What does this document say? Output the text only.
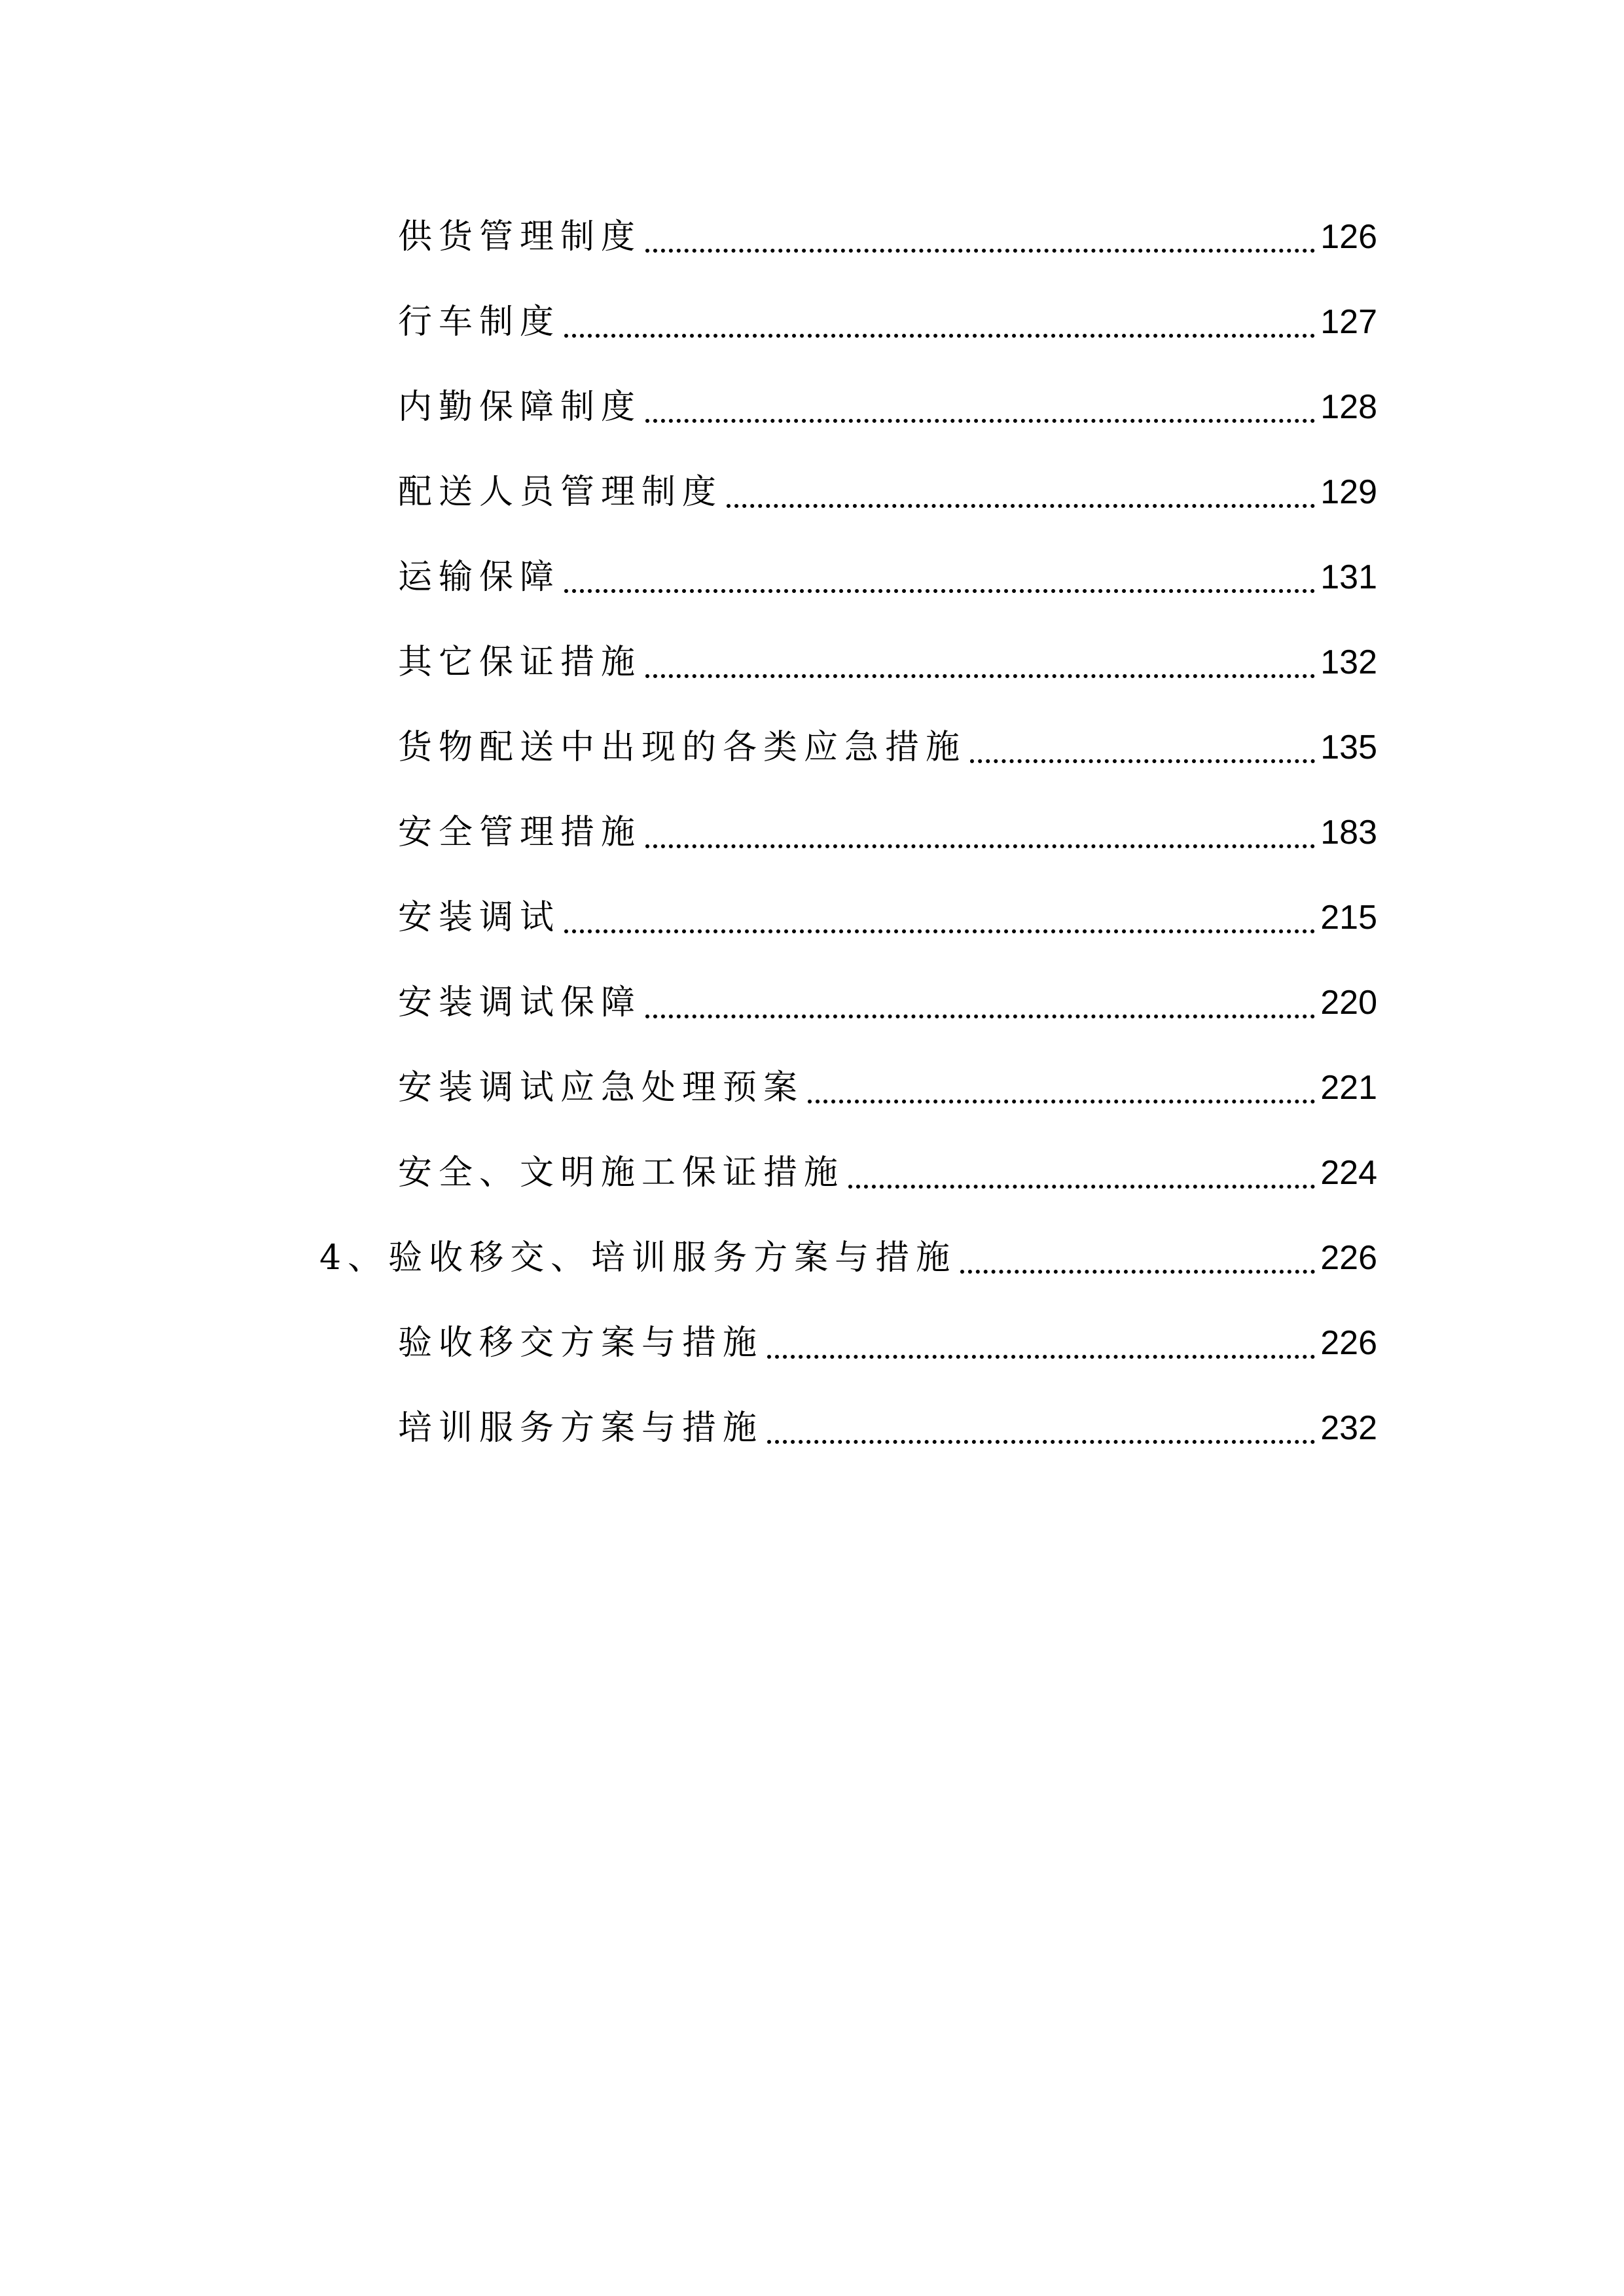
供货管理制度	126
行车制度	127
内勤保障制度	128
配送人员管理制度	129
运输保障	131
其它保证措施	132
货物配送中出现的各类应急措施	135
安全管理措施	183
安装调试	215
安装调试保障	220
安装调试应急处理预案	221
安全、文明施工保证措施	224
4、验收移交、培训服务方案与措施	226
验收移交方案与措施	226
培训服务方案与措施	232
